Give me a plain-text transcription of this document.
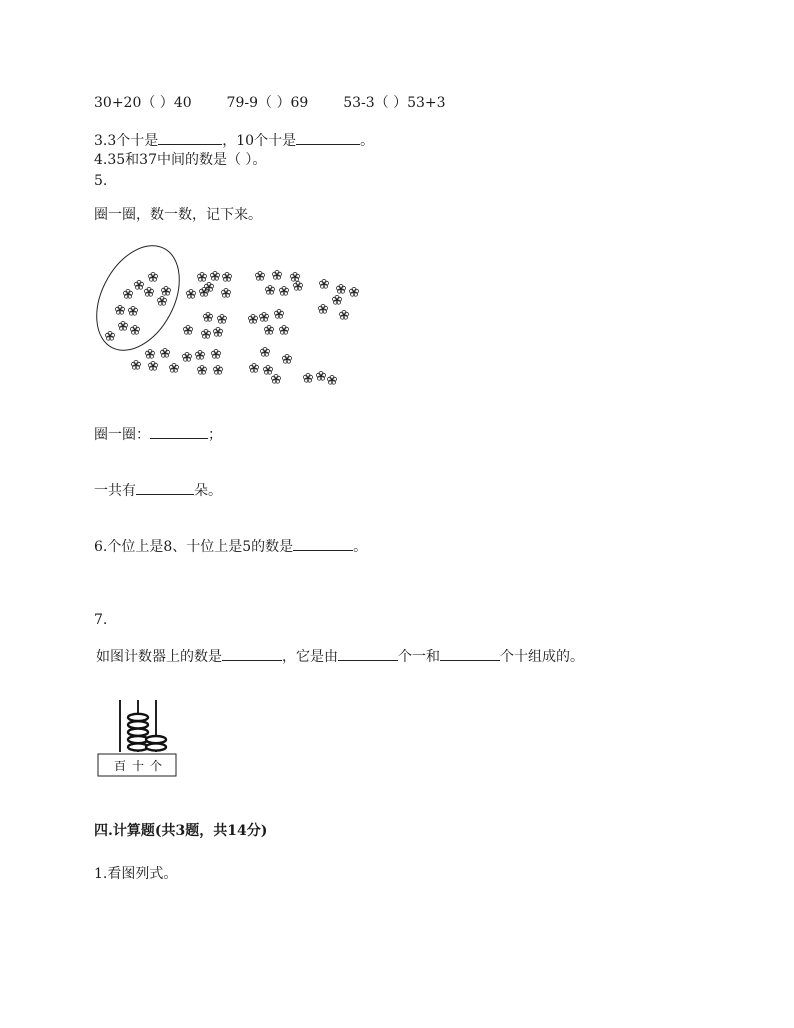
30+20（ ）40 79-9（ ）69 53-3（ ）53+3
3.3个十是	，10个十是	。
4.35和37中间的数是（ ）。
5.
圈一圈，数一数，记下来。
圈一圈：	；
一共有	朵。
6.个位上是8、十位上是5的数是	。
7.
如图计数器上的数是	，它是由	个一和	个十组成的。
百 十 个
四.计算题(共3题，共14分)
1.看图列式。
